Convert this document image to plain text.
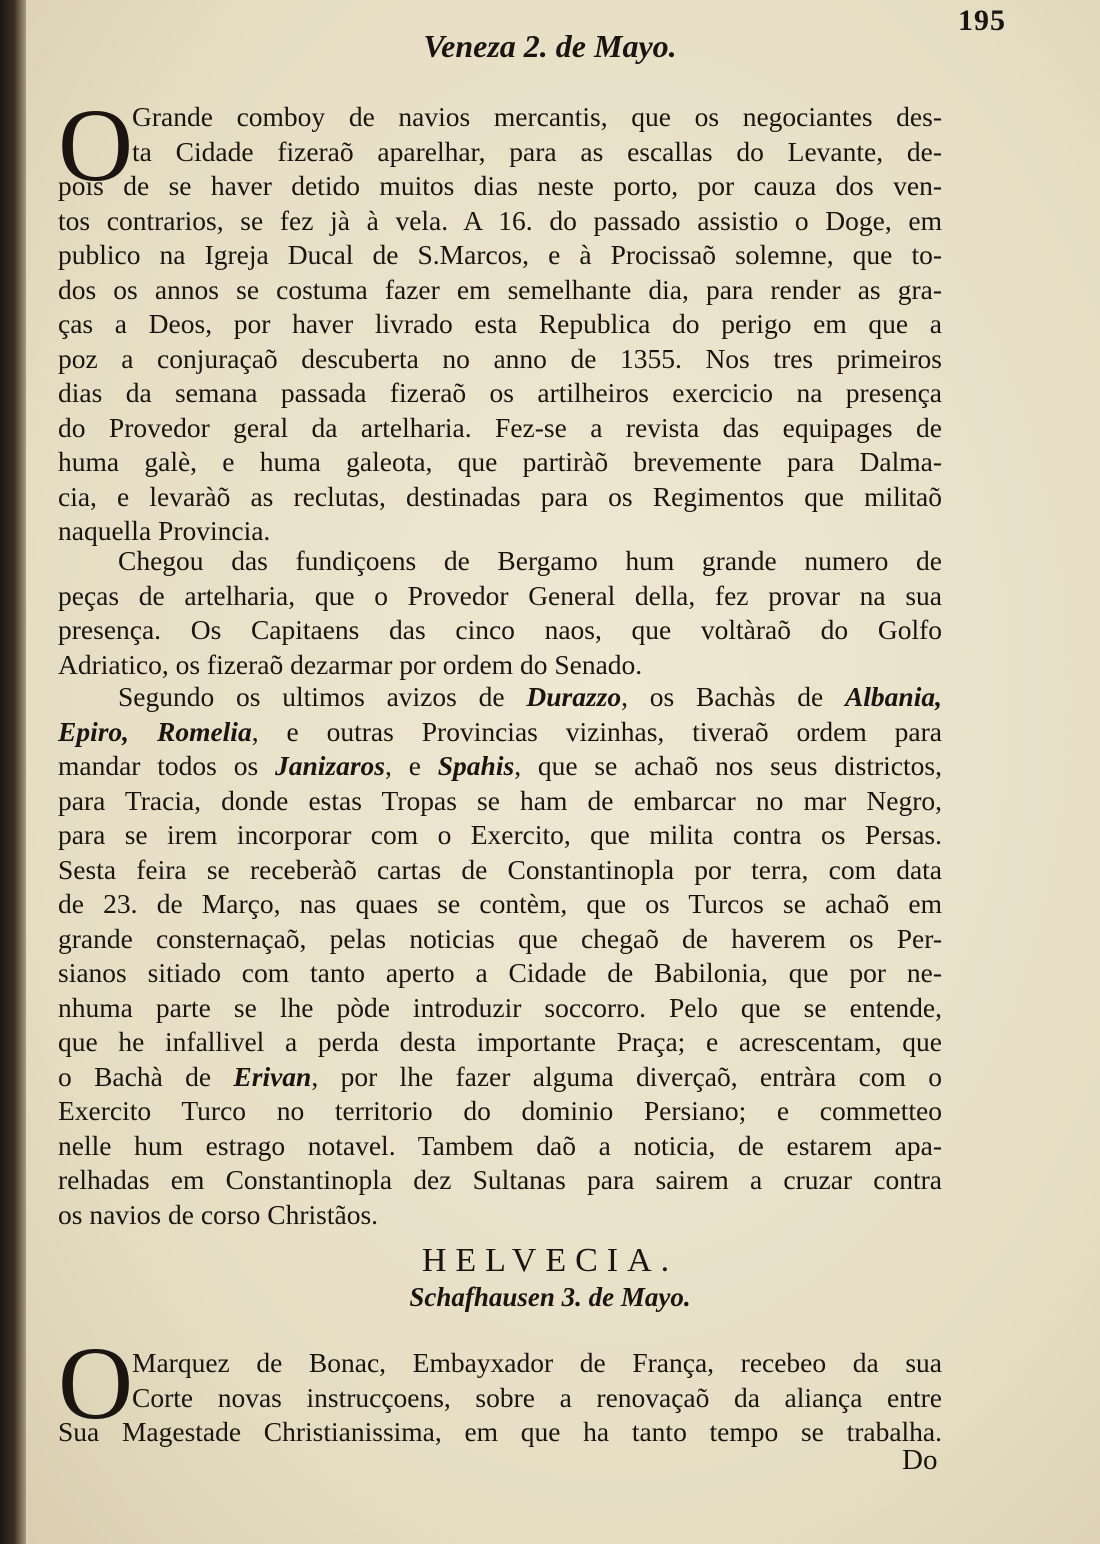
195
Veneza 2. de Mayo.
O
Grande comboy de navios mercantis, que os negociantes des-
ta Cidade fizeraõ aparelhar, para as escallas do Levante, de-
pois de se haver detido muitos dias neste porto, por cauza dos ven-
tos contrarios, se fez jà à vela. A 16. do passado assistio o Doge, em
publico na Igreja Ducal de S.Marcos, e à Procissaõ solemne, que to-
dos os annos se costuma fazer em semelhante dia, para render as gra-
ças a Deos, por haver livrado esta Republica do perigo em que a
poz a conjuraçaõ descuberta no anno de 1355. Nos tres primeiros
dias da semana passada fizeraõ os artilheiros exercicio na presença
do Provedor geral da artelharia. Fez-se a revista das equipages de
huma galè, e huma galeota, que partiràõ brevemente para Dalma-
cia, e levaràõ as reclutas, destinadas para os Regimentos que militaõ
naquella Provincia.
Chegou das fundiçoens de Bergamo hum grande numero de
peças de artelharia, que o Provedor General della, fez provar na sua
presença. Os Capitaens das cinco naos, que voltàraõ do Golfo
Adriatico, os fizeraõ dezarmar por ordem do Senado.
Segundo os ultimos avizos de Durazzo, os Bachàs de Albania,
Epiro, Romelia, e outras Provincias vizinhas, tiveraõ ordem para
mandar todos os Janizaros, e Spahis, que se achaõ nos seus districtos,
para Tracia, donde estas Tropas se ham de embarcar no mar Negro,
para se irem incorporar com o Exercito, que milita contra os Persas.
Sesta feira se receberàõ cartas de Constantinopla por terra, com data
de 23. de Março, nas quaes se contèm, que os Turcos se achaõ em
grande consternaçaõ, pelas noticias que chegaõ de haverem os Per-
sianos sitiado com tanto aperto a Cidade de Babilonia, que por ne-
nhuma parte se lhe pòde introduzir soccorro. Pelo que se entende,
que he infallivel a perda desta importante Praça; e acrescentam, que
o Bachà de Erivan, por lhe fazer alguma diverçaõ, entràra com o
Exercito Turco no territorio do dominio Persiano; e commetteo
nelle hum estrago notavel. Tambem daõ a noticia, de estarem apa-
relhadas em Constantinopla dez Sultanas para sairem a cruzar contra
os navios de corso Christãos.
HELVECIA.
Schafhausen 3. de Mayo.
O
Marquez de Bonac, Embayxador de França, recebeo da sua
Corte novas instrucçoens, sobre a renovaçaõ da aliança entre
Sua Magestade Christianissima, em que ha tanto tempo se trabalha.
Do
